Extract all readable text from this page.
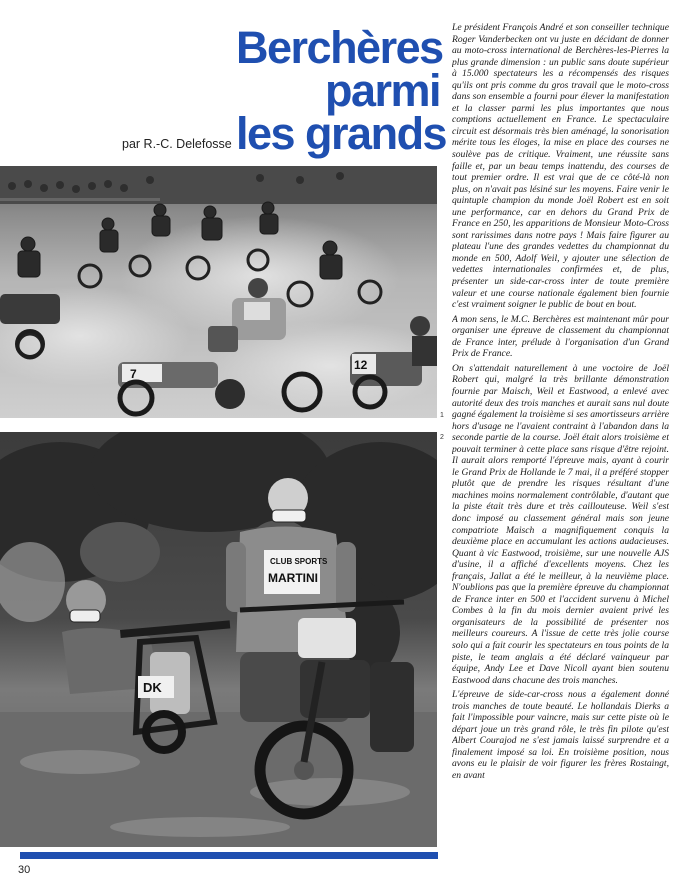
Berchères
parmi
les grands
par R.-C. Delefosse
7
12
1
CLUB SPORTS
MARTINI
DK
2

Le président François André et son conseiller technique Roger Vanderbecken ont vu juste en décidant de donner au moto-cross international de Berchères-les-Pierres la plus grande dimension : un public sans doute supérieur à 15.000 spectateurs les a récompensés des risques qu'ils ont pris comme du gros travail que le moto-cross dans son ensemble a fourni pour élever la manifestation et la classer parmi les plus importantes que nous comptions actuellement en France. Le spectaculaire circuit est désormais très bien aménagé, la sonorisation mérite tous les éloges, la mise en place des courses ne soulève pas de critique. Vraiment, une réussite sans faille et, par un beau temps inattendu, des courses de tout premier ordre. Il est vrai que de ce côté-là non plus, on n'avait pas lésiné sur les moyens. Faire venir le quintuple champion du monde Joël Robert est en soit une performance, car en dehors du Grand Prix de France en 250, les apparitions de Monsieur Moto-Cross sont rarissimes dans notre pays ! Mais faire figurer au plateau l'une des grandes vedettes du championnat du monde en 500, Adolf Weil, y ajouter une sélection de vedettes internationales confirmées et, de plus, présenter un side-car-cross inter de toute première valeur et une course nationale également bien fournie c'est vraiment soigner le public de bout en bout.

A mon sens, le M.C. Berchères est maintenant mûr pour organiser une épreuve de classement du championnat de France inter, prélude à l'organisation d'un Grand Prix de France.

On s'attendait naturellement à une voctoire de Joël Robert qui, malgré la très brillante démonstration fournie par Maisch, Weil et Eastwood, a enlevé avec autorité deux des trois manches et aurait sans nul doute gagné également la troisième si ses amortisseurs arrière hors d'usage ne l'avaient contraint à l'abandon dans la seconde partie de la course. Joël était alors troisième et pouvait terminer à cette place sans risque d'être rejoint. Il aurait alors remporté l'épreuve mais, ayant à courir le Grand Prix de Hollande le 7 mai, il a préféré stopper plutôt que de prendre les risques résultant d'une machines moins normalement contrôlable, d'autant que la piste était très dure et très caillouteuse. Weil s'est donc imposé au classement général mais son jeune compatriote Maisch a magnifiquement conquis la deuxième place en accumulant les actions audacieuses. Quant à vic Eastwood, troisième, sur une nouvelle AJS d'usine, il a affiché d'excellents moyens. Chez les français, Jallat a été le meilleur, à la neuvième place. N'oublions pas que la première épreuve du championnat de France inter en 500 et l'accident survenu à Michel Combes à la fin du mois dernier avaient privé les organisateurs de la possibilité de présenter nos meilleurs coureurs. A l'issue de cette très jolie course solo qui a fait courir les spectateurs en tous points de la piste, le team anglais a été déclaré vainqueur par équipe, Andy Lee et Dave Nicoll ayant bien soutenu Eastwood dans chacune des trois manches.

L'épreuve de side-car-cross nous a également donné trois manches de toute beauté. Le hollandais Dierks a fait l'impossible pour vaincre, mais sur cette piste où le départ joue un très grand rôle, le très fin pilote qu'est Albert Courajod ne s'est jamais laissé surprendre et a finalement imposé sa loi. En troisième position, nous avons eu le plaisir de voir figurer les frères Rostaingt, en avant

30
